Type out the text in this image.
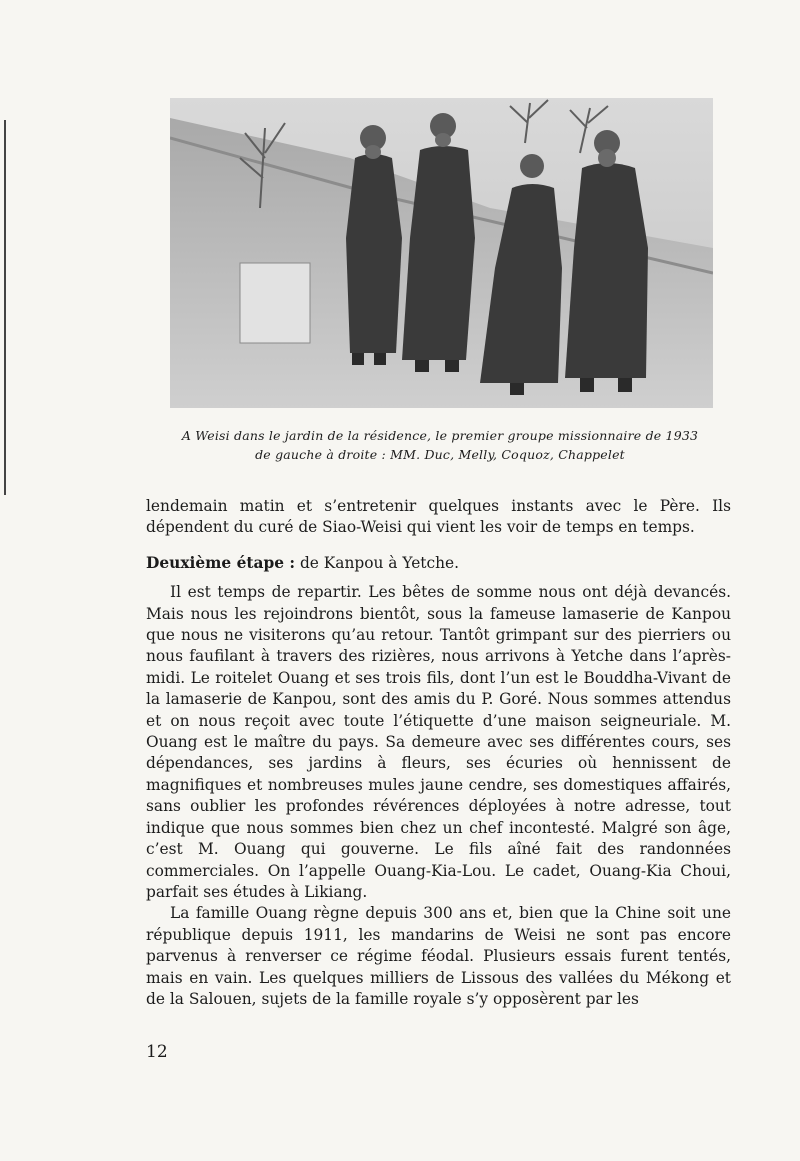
A Weisi dans le jardin de la résidence, le premier groupe missionnaire de 1933

de gauche à droite : MM. Duc, Melly, Coquoz, Chappelet

lendemain matin et s’entretenir quelques instants avec le Père. Ils dépendent du curé de Siao-Weisi qui vient les voir de temps en temps.

Deuxième étape : de Kanpou à Yetche.

Il est temps de repartir. Les bêtes de somme nous ont déjà devancés. Mais nous les rejoindrons bientôt, sous la fameuse lamaserie de Kanpou que nous ne visiterons qu’au retour. Tantôt grimpant sur des pierriers ou nous faufilant à travers des rizières, nous arrivons à Yetche dans l’après-midi. Le roitelet Ouang et ses trois fils, dont l’un est le Bouddha-Vivant de la lamaserie de Kanpou, sont des amis du P. Goré. Nous sommes attendus et on nous reçoit avec toute l’étiquette d’une maison seigneuriale. M. Ouang est le maître du pays. Sa demeure avec ses différentes cours, ses dépendances, ses jardins à fleurs, ses écuries où hennissent de magnifiques et nombreuses mules jaune cendre, ses domestiques affairés, sans oublier les profondes révérences déployées à notre adresse, tout indique que nous sommes bien chez un chef incontesté. Malgré son âge, c’est M. Ouang qui gouverne. Le fils aîné fait des randonnées commerciales. On l’appelle Ouang-Kia-Lou. Le cadet, Ouang-Kia Choui, parfait ses études à Likiang.

La famille Ouang règne depuis 300 ans et, bien que la Chine soit une république depuis 1911, les mandarins de Weisi ne sont pas encore parvenus à renverser ce régime féodal. Plusieurs essais furent tentés, mais en vain. Les quelques milliers de Lissous des vallées du Mékong et de la Salouen, sujets de la famille royale s’y opposèrent par les

12
